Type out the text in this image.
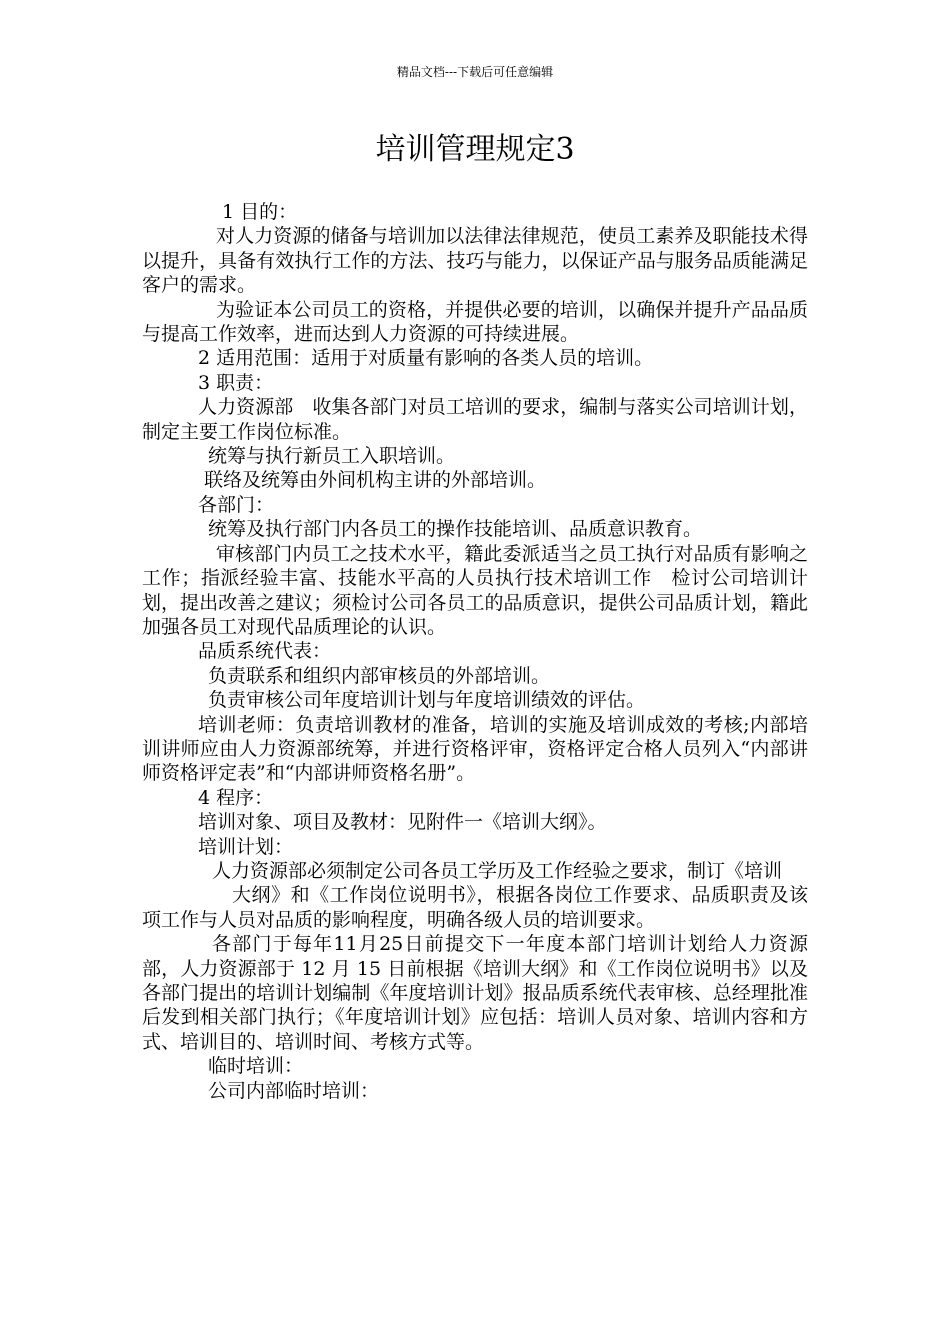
精品文档---下载后可任意编辑
培训管理规定3

1 目的：

对人力资源的储备与培训加以法律法律规范，使员工素养及职能技术得以提升，具备有效执行工作的方法、技巧与能力，以保证产品与服务品质能满足客户的需求。

为验证本公司员工的资格，并提供必要的培训，以确保并提升产品品质与提高工作效率，进而达到人力资源的可持续进展。

2 适用范围：适用于对质量有影响的各类人员的培训。

3 职责：

人力资源部　收集各部门对员工培训的要求，编制与落实公司培训计划，制定主要工作岗位标准。

统筹与执行新员工入职培训。

联络及统筹由外间机构主讲的外部培训。

各部门：

统筹及执行部门内各员工的操作技能培训、品质意识教育。

审核部门内员工之技术水平，籍此委派适当之员工执行对品质有影响之工作；指派经验丰富、技能水平高的人员执行技术培训工作　检讨公司培训计划，提出改善之建议；须检讨公司各员工的品质意识，提供公司品质计划，籍此加强各员工对现代品质理论的认识。

品质系统代表：

负责联系和组织内部审核员的外部培训。

负责审核公司年度培训计划与年度培训绩效的评估。

培训老师：负责培训教材的准备，培训的实施及培训成效的考核;内部培训讲师应由人力资源部统筹，并进行资格评审，资格评定合格人员列入“内部讲师资格评定表”和“内部讲师资格名册”。

4 程序：

培训对象、项目及教材：见附件一《培训大纲》。

培训计划：

人力资源部必须制定公司各员工学历及工作经验之要求，制订《培训

大纲》和《工作岗位说明书》，根据各岗位工作要求、品质职责及该项工作与人员对品质的影响程度，明确各级人员的培训要求。

各部门于每年11月25日前提交下一年度本部门培训计划给人力资源部，人力资源部于 12 月 15 日前根据《培训大纲》和《工作岗位说明书》以及各部门提出的培训计划编制《年度培训计划》报品质系统代表审核、总经理批准后发到相关部门执行；《年度培训计划》应包括：培训人员对象、培训内容和方式、培训目的、培训时间、考核方式等。

临时培训：

公司内部临时培训：
